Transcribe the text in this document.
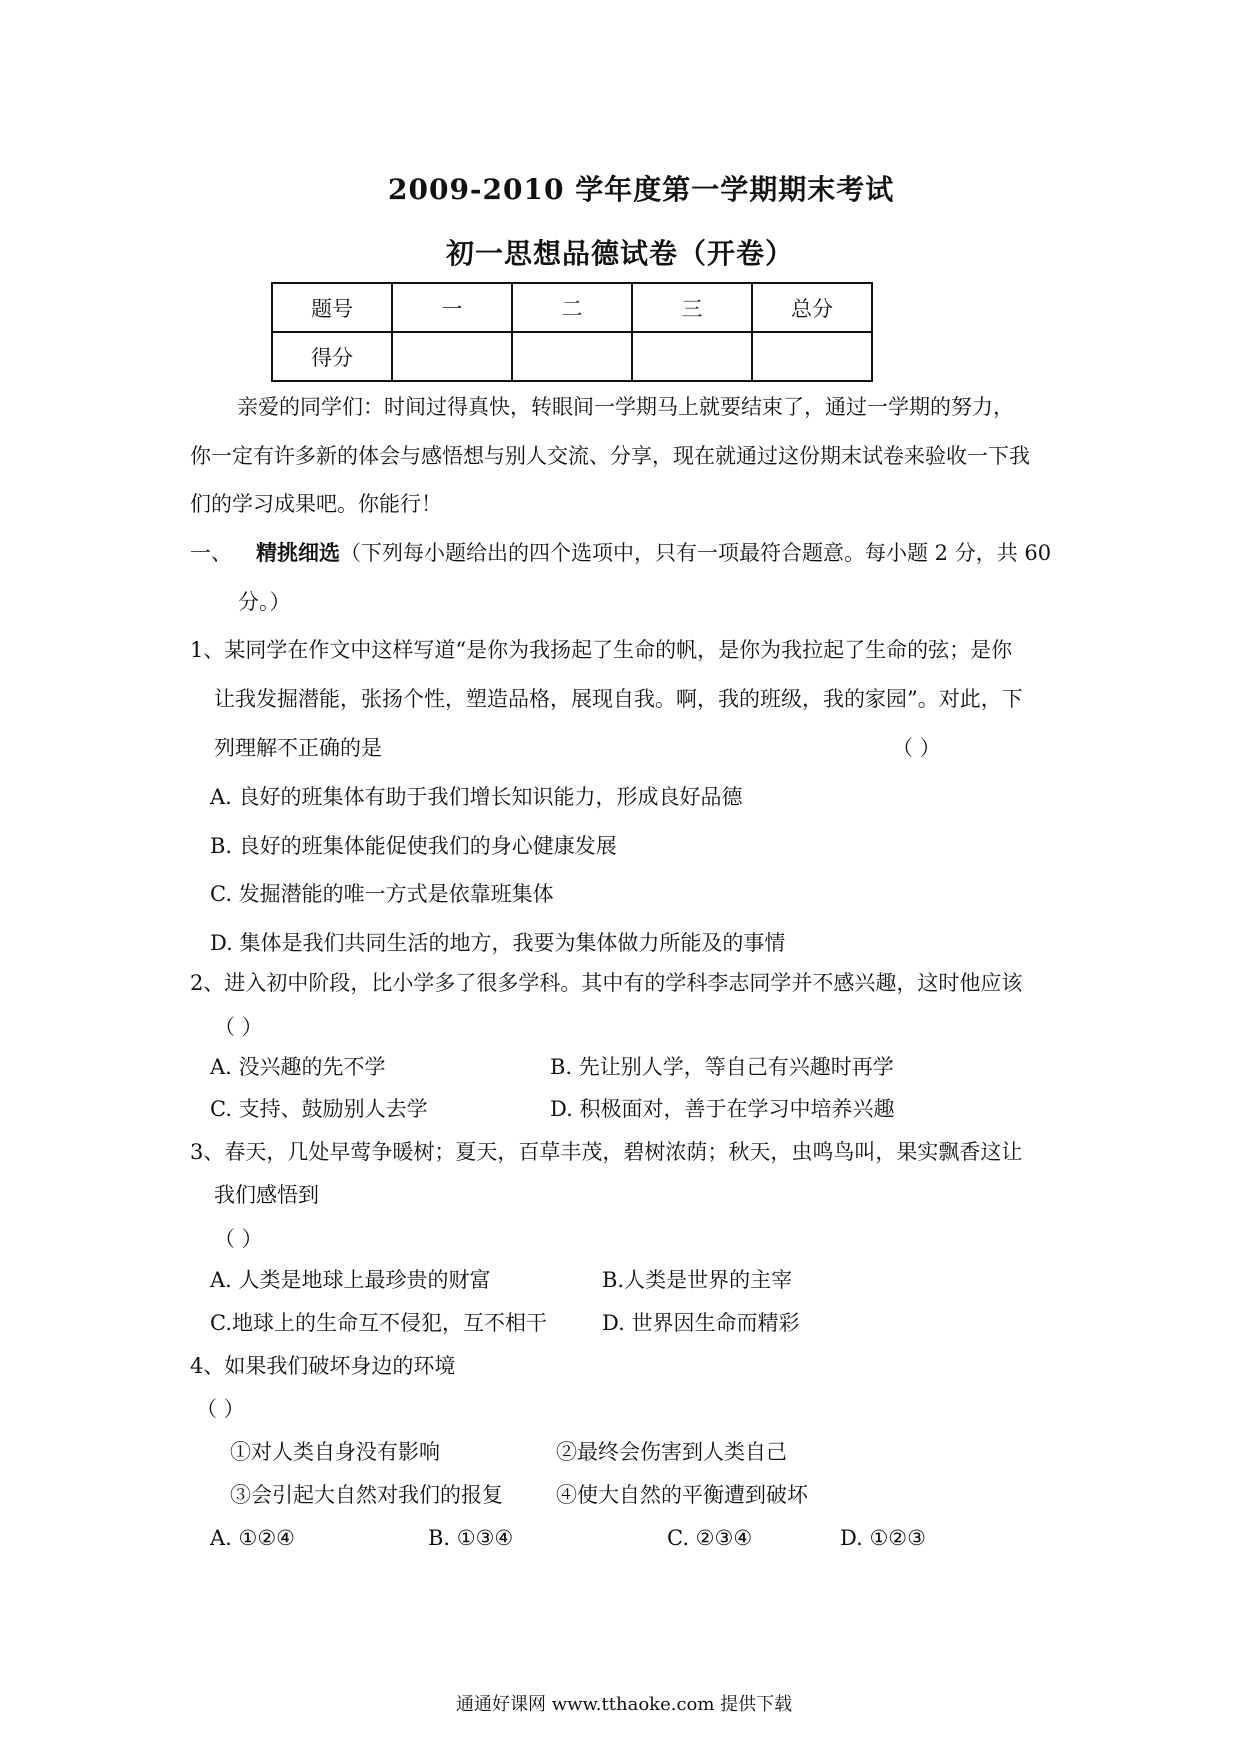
2009-2010 学年度第一学期期末考试
初一思想品德试卷（开卷）
题号	一	二	三	总分
得分				
亲爱的同学们：时间过得真快，转眼间一学期马上就要结束了，通过一学期的努力，
你一定有许多新的体会与感悟想与别人交流、分享，现在就通过这份期末试卷来验收一下我
们的学习成果吧。你能行！
一、 精挑细选（下列每小题给出的四个选项中，只有一项最符合题意。每小题 2 分，共 60
分。）
1、某同学在作文中这样写道“是你为我扬起了生命的帆，是你为我拉起了生命的弦；是你
让我发掘潜能，张扬个性，塑造品格，展现自我。啊，我的班级，我的家园”。对此，下
列理解不正确的是	（ ）
A. 良好的班集体有助于我们增长知识能力，形成良好品德
B. 良好的班集体能促使我们的身心健康发展
C. 发掘潜能的唯一方式是依靠班集体
D. 集体是我们共同生活的地方，我要为集体做力所能及的事情
2、进入初中阶段，比小学多了很多学科。其中有的学科李志同学并不感兴趣，这时他应该
（ ）
A. 没兴趣的先不学	B. 先让别人学，等自己有兴趣时再学
C. 支持、鼓励别人去学	D. 积极面对，善于在学习中培养兴趣
3、春天，几处早莺争暖树；夏天，百草丰茂，碧树浓荫；秋天，虫鸣鸟叫，果实飘香这让
我们感悟到
（ ）
A. 人类是地球上最珍贵的财富	B.人类是世界的主宰
C.地球上的生命互不侵犯，互不相干	D. 世界因生命而精彩
4、如果我们破坏身边的环境
（ ）
①对人类自身没有影响	②最终会伤害到人类自己
③会引起大自然对我们的报复	④使大自然的平衡遭到破坏
A. ①②④	B. ①③④	C. ②③④	D. ①②③
通通好课网 www.tthaoke.com 提供下载
